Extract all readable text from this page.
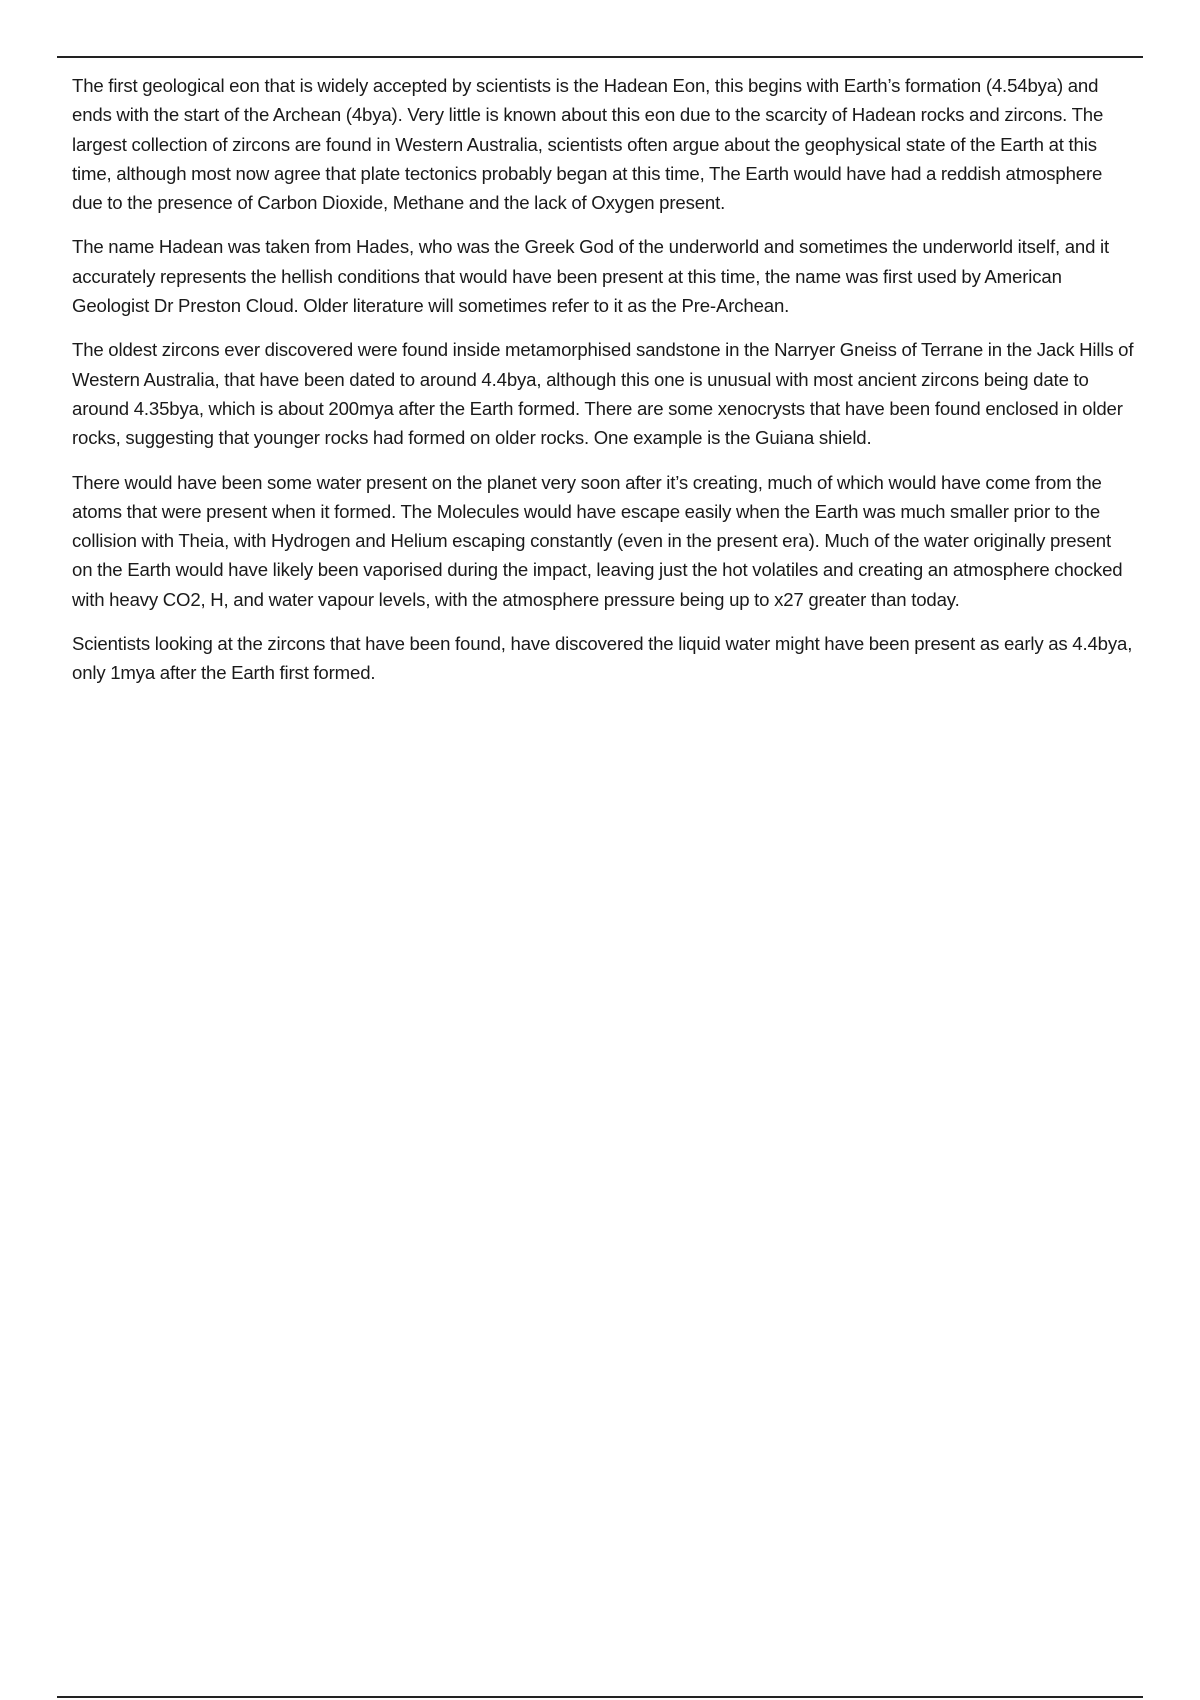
The first geological eon that is widely accepted by scientists is the Hadean Eon, this begins with Earth’s formation (4.54bya) and ends with the start of the Archean (4bya). Very little is known about this eon due to the scarcity of Hadean rocks and zircons. The largest collection of zircons are found in Western Australia, scientists often argue about the geophysical state of the Earth at this time, although most now agree that plate tectonics probably began at this time, The Earth would have had a reddish atmosphere due to the presence of Carbon Dioxide, Methane and the lack of Oxygen present.

The name Hadean was taken from Hades, who was the Greek God of the underworld and sometimes the underworld itself, and it accurately represents the hellish conditions that would have been present at this time, the name was first used by American Geologist Dr Preston Cloud. Older literature will sometimes refer to it as the Pre-Archean.

The oldest zircons ever discovered were found inside metamorphised sandstone in the Narryer Gneiss of Terrane in the Jack Hills of Western Australia, that have been dated to around 4.4bya, although this one is unusual with most ancient zircons being date to around 4.35bya, which is about 200mya after the Earth formed. There are some xenocrysts that have been found enclosed in older rocks, suggesting that younger rocks had formed on older rocks. One example is the Guiana shield.

There would have been some water present on the planet very soon after it’s creating, much of which would have come from the atoms that were present when it formed. The Molecules would have escape easily when the Earth was much smaller prior to the collision with Theia, with Hydrogen and Helium escaping constantly (even in the present era). Much of the water originally present on the Earth would have likely been vaporised during the impact, leaving just the hot volatiles and creating an atmosphere chocked with heavy CO2, H, and water vapour levels, with the atmosphere pressure being up to x27 greater than today.

Scientists looking at the zircons that have been found, have discovered the liquid water might have been present as early as 4.4bya, only 1mya after the Earth first formed.
